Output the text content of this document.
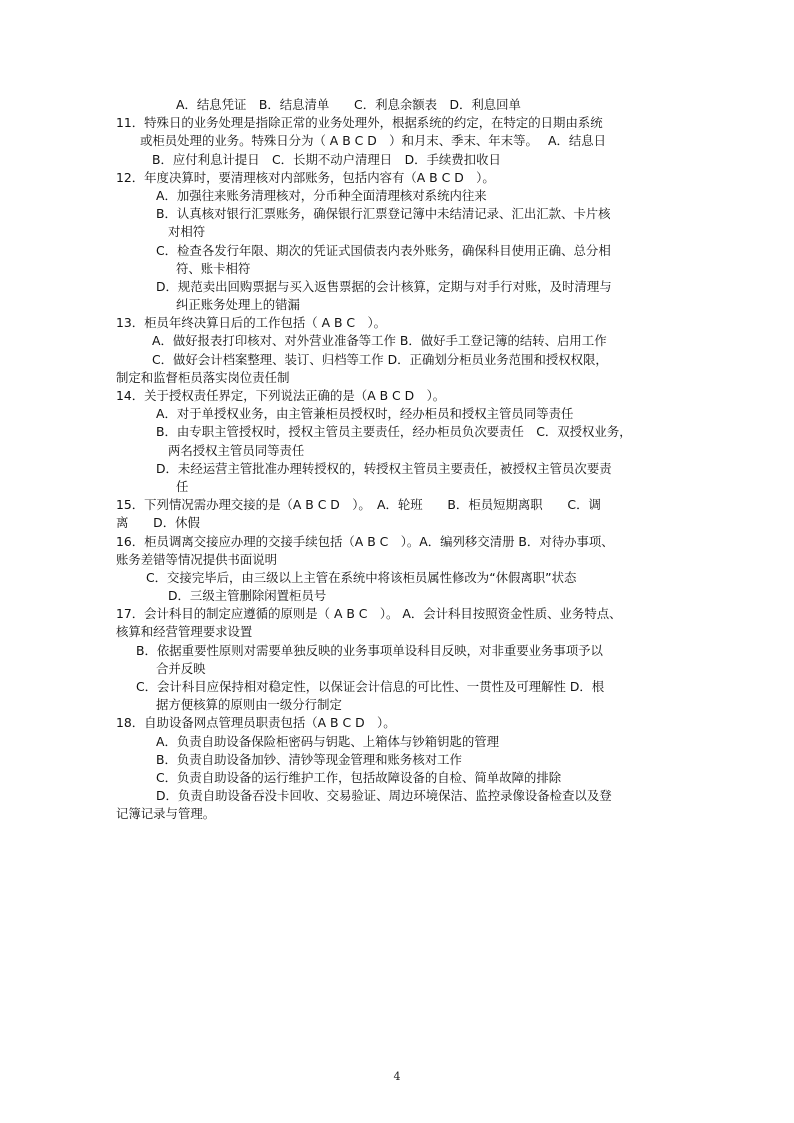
A．结息凭证　B．结息清单　　C．利息余额表　D．利息回单
11．特殊日的业务处理是指除正常的业务处理外，根据系统的约定，在特定的日期由系统
或柜员处理的业务。特殊日分为（ A B C D　）和月末、季末、年末等。　 A．结息日
B．应付利息计提日　C．长期不动户清理日　D．手续费扣收日
12．年度决算时，要清理核对内部账务，包括内容有（A B C D　）。
A．加强往来账务清理核对，分币种全面清理核对系统内往来
B．认真核对银行汇票账务，确保银行汇票登记簿中未结清记录、汇出汇款、卡片核
对相符
C．检查各发行年限、期次的凭证式国债表内表外账务，确保科目使用正确、总分相
符、账卡相符
D．规范卖出回购票据与买入返售票据的会计核算，定期与对手行对账，及时清理与
纠正账务处理上的错漏
13．柜员年终决算日后的工作包括（ A B C　）。
A．做好报表打印核对、对外营业准备等工作 B．做好手工登记簿的结转、启用工作
C．做好会计档案整理、装订、归档等工作 D．正确划分柜员业务范围和授权权限，
制定和监督柜员落实岗位责任制
14．关于授权责任界定，下列说法正确的是（A B C D　）。
A．对于单授权业务，由主管兼柜员授权时，经办柜员和授权主管员同等责任
B．由专职主管授权时，授权主管员主要责任，经办柜员负次要责任　C．双授权业务，
两名授权主管员同等责任
D．未经运营主管批准办理转授权的，转授权主管员主要责任，被授权主管员次要责
任
15．下列情况需办理交接的是（A B C D　）。　A．轮班　　B．柜员短期离职　　C．调
离　　D．休假
16．柜员调离交接应办理的交接手续包括（A B C　）。A．编列移交清册 B．对待办事项、
账务差错等情况提供书面说明
C．交接完毕后，由三级以上主管在系统中将该柜员属性修改为“休假离职”状态
D．三级主管删除闲置柜员号
17．会计科目的制定应遵循的原则是（ A B C　）。 A．会计科目按照资金性质、业务特点、
核算和经营管理要求设置
B．依据重要性原则对需要单独反映的业务事项单设科目反映，对非重要业务事项予以
合并反映
C．会计科目应保持相对稳定性，以保证会计信息的可比性、一贯性及可理解性 D．根
据方便核算的原则由一级分行制定
18．自助设备网点管理员职责包括（A B C D　）。
A．负责自助设备保险柜密码与钥匙、上箱体与钞箱钥匙的管理
B．负责自助设备加钞、清钞等现金管理和账务核对工作
C．负责自助设备的运行维护工作，包括故障设备的自检、简单故障的排除
D．负责自助设备吞没卡回收、交易验证、周边环境保洁、监控录像设备检查以及登
记簿记录与管理。
4
